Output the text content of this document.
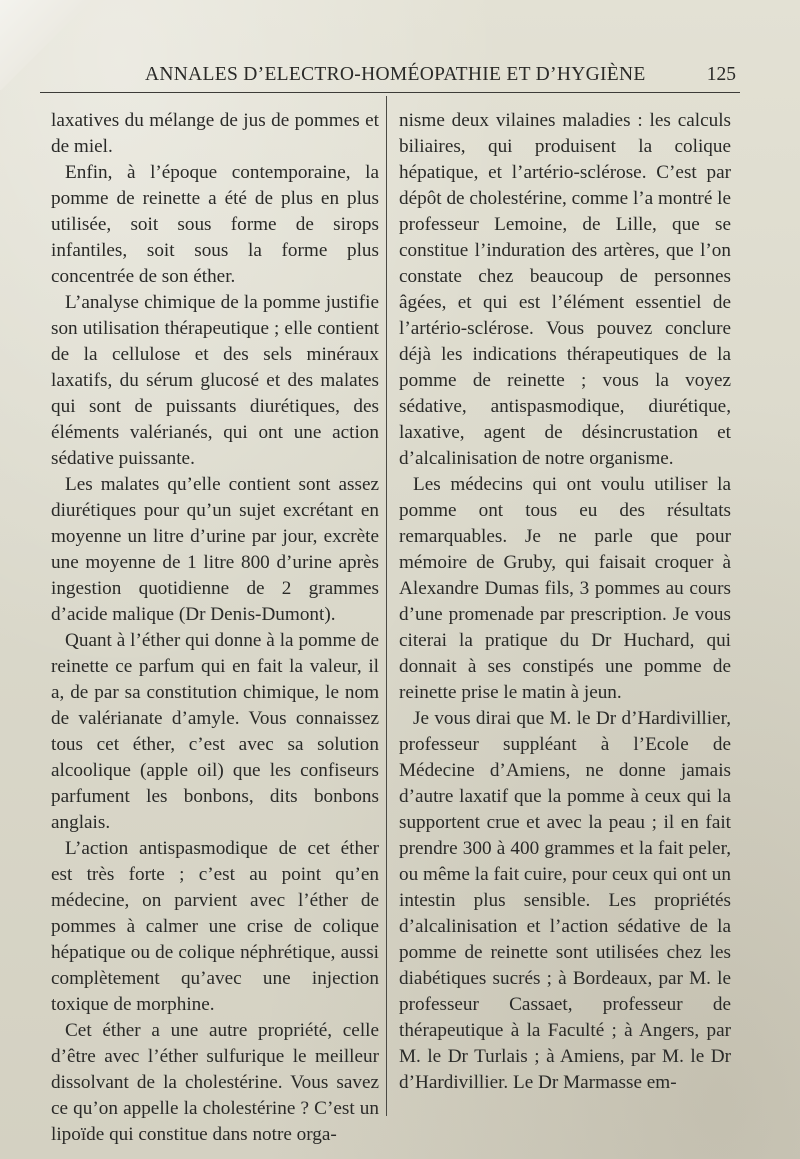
ANNALES D’ELECTRO-HOMÉOPATHIE ET D’HYGIÈNE	125

laxatives du mélange de jus de pommes et de miel.

Enfin, à l’époque contemporaine, la pomme de reinette a été de plus en plus utilisée, soit sous forme de sirops infantiles, soit sous la forme plus concentrée de son éther.

L’analyse chimique de la pomme justifie son utilisation thérapeutique ; elle contient de la cellulose et des sels minéraux laxatifs, du sérum glucosé et des malates qui sont de puissants diurétiques, des éléments valérianés, qui ont une action sédative puissante.

Les malates qu’elle contient sont assez diurétiques pour qu’un sujet excrétant en moyenne un litre d’urine par jour, excrète une moyenne de 1 litre 800 d’urine après ingestion quotidienne de 2 grammes d’acide malique (Dr Denis-Dumont).

Quant à l’éther qui donne à la pomme de reinette ce parfum qui en fait la valeur, il a, de par sa constitution chimique, le nom de valérianate d’amyle. Vous connaissez tous cet éther, c’est avec sa solution alcoolique (apple oil) que les confiseurs parfument les bonbons, dits bonbons anglais.

L’action antispasmodique de cet éther est très forte ; c’est au point qu’en médecine, on parvient avec l’éther de pommes à calmer une crise de colique hépatique ou de colique néphrétique, aussi complètement qu’avec une injection toxique de morphine.

Cet éther a une autre propriété, celle d’être avec l’éther sulfurique le meilleur dissolvant de la cholestérine. Vous savez ce qu’on appelle la cholestérine ? C’est un lipoïde qui constitue dans notre orga-

nisme deux vilaines maladies : les calculs biliaires, qui produisent la colique hépatique, et l’artério-sclérose. C’est par dépôt de cholestérine, comme l’a montré le professeur Lemoine, de Lille, que se constitue l’induration des artères, que l’on constate chez beaucoup de personnes âgées, et qui est l’élément essentiel de l’artério-sclérose. Vous pouvez conclure déjà les indications thérapeutiques de la pomme de reinette ; vous la voyez sédative, antispasmodique, diurétique, laxative, agent de désincrustation et d’alcalinisation de notre organisme.

Les médecins qui ont voulu utiliser la pomme ont tous eu des résultats remarquables. Je ne parle que pour mémoire de Gruby, qui faisait croquer à Alexandre Dumas fils, 3 pommes au cours d’une promenade par prescription. Je vous citerai la pratique du Dr Huchard, qui donnait à ses constipés une pomme de reinette prise le matin à jeun.

Je vous dirai que M. le Dr d’Hardivillier, professeur suppléant à l’Ecole de Médecine d’Amiens, ne donne jamais d’autre laxatif que la pomme à ceux qui la supportent crue et avec la peau ; il en fait prendre 300 à 400 grammes et la fait peler, ou même la fait cuire, pour ceux qui ont un intestin plus sensible. Les propriétés d’alcalinisation et l’action sédative de la pomme de reinette sont utilisées chez les diabétiques sucrés ; à Bordeaux, par M. le professeur Cassaet, professeur de thérapeutique à la Faculté ; à Angers, par M. le Dr Turlais ; à Amiens, par M. le Dr d’Hardivillier. Le Dr Marmasse em-
